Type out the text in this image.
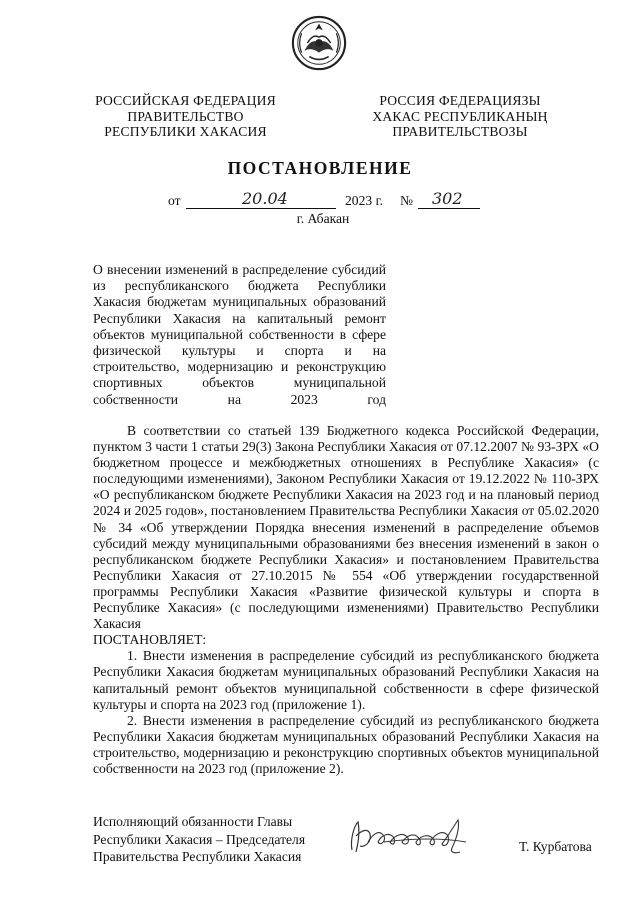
РОССИЙСКАЯ ФЕДЕРАЦИЯ
ПРАВИТЕЛЬСТВО
РЕСПУБЛИКИ ХАКАСИЯ
РОССИЯ ФЕДЕРАЦИЯЗЫ
ХАКАС РЕСПУБЛИКАНЫҢ
ПРАВИТЕЛЬСТВОЗЫ
ПОСТАНОВЛЕНИЕ
от	20.04	2023 г. № 302
г. Абакан
О внесении изменений в распределение субсидий из республиканского бюджета Республики Хакасия бюджетам муниципальных образований Республики Хакасия на капитальный ремонт объектов муниципальной собственности в сфере физической культуры и спорта и на строительство, модернизацию и реконструкцию спортивных объектов муниципальной собственности на 2023 год

В соответствии со статьей 139 Бюджетного кодекса Российской Федерации, пунктом 3 части 1 статьи 29(3) Закона Республики Хакасия от 07.12.2007 № 93-ЗРХ «О бюджетном процессе и межбюджетных отношениях в Республике Хакасия» (с последующими изменениями), Законом Республики Хакасия от 19.12.2022 № 110-ЗРХ «О республиканском бюджете Республики Хакасия на 2023 год и на плановый период 2024 и 2025 годов», постановлением Правительства Республики Хакасия от 05.02.2020 № 34 «Об утверждении Порядка внесения изменений в распределение объемов субсидий между муниципальными образованиями без внесения изменений в закон о республиканском бюджете Республики Хакасия» и постановлением Правительства Республики Хакасия от 27.10.2015 № 554 «Об утверждении государственной программы Республики Хакасия «Развитие физической культуры и спорта в Республике Хакасия» (с последующими изменениями) Правительство Республики Хакасия

ПОСТАНОВЛЯЕТ:

1. Внести изменения в распределение субсидий из республиканского бюджета Республики Хакасия бюджетам муниципальных образований Республики Хакасия на капитальный ремонт объектов муниципальной собственности в сфере физической культуры и спорта на 2023 год (приложение 1).

2. Внести изменения в распределение субсидий из республиканского бюджета Республики Хакасия бюджетам муниципальных образований Республики Хакасия на строительство, модернизацию и реконструкцию спортивных объектов муниципальной собственности на 2023 год (приложение 2).

Исполняющий обязанности Главы
Республики Хакасия – Председателя
Правительства Республики Хакасия
Т. Курбатова
